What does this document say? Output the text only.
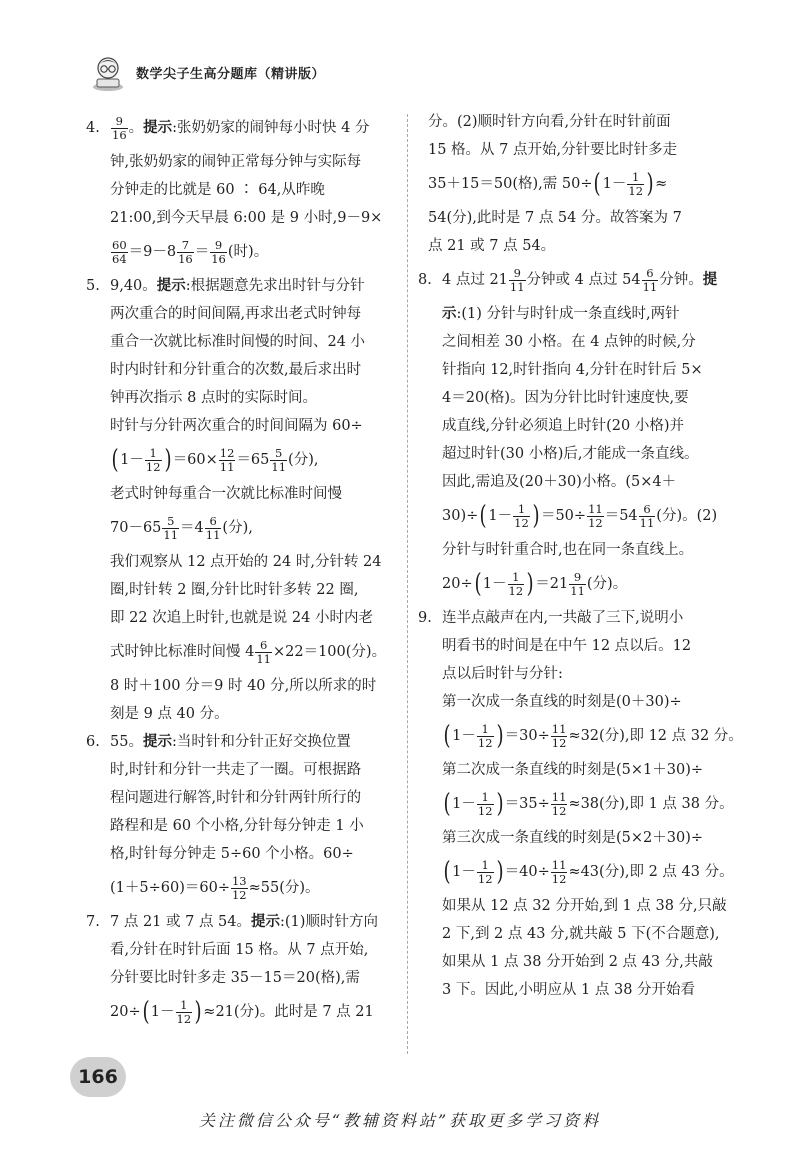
数学尖子生高分题库（精讲版）
4. $\frac{9}{16}$ 。提示:张奶奶家的闹钟每小时快 4 分
钟,张奶奶家的闹钟正常每分钟与实际每
分钟走的比就是 60 ∶ 64,从昨晚
21:00,到今天早晨 6:00 是 9 小时,9－9×
$\frac{60}{64} =9-8 \frac{7}{16} = \frac{9}{16}$ (时)。
5. 9,40。提示:根据题意先求出时针与分针
两次重合的时间间隔,再求出老式时钟每
重合一次就比标准时间慢的时间、24 小
时内时针和分针重合的次数,最后求出时
钟再次指示 8 点时的实际时间。
时针与分针两次重合的时间间隔为 60÷
( $1- \frac{1}{12}$ ) $=60\times \frac{12}{11} =65 \frac{5}{11}$ (分),
老式时钟每重合一次就比标准时间慢
$70-65 \frac{5}{11} =4 \frac{6}{11}$ (分),
我们观察从 12 点开始的 24 时,分针转 24
圈,时针转 2 圈,分针比时针多转 22 圈,
即 22 次追上时针,也就是说 24 小时内老
式时钟比标准时间慢 $4 \frac{6}{11} \times 22=100$(分)。
8 时＋100 分＝9 时 40 分,所以所求的时
刻是 9 点 40 分。
6. 55。提示:当时针和分针正好交换位置
时,时针和分针一共走了一圈。可根据路
程问题进行解答,时针和分针两针所行的
路程和是 60 个小格,分针每分钟走 1 小
格,时针每分钟走 5÷60 个小格。60÷
$(1+5\div 60)=60\div \frac{13}{12} \approx 55$(分)。
7. 7 点 21 或 7 点 54。提示:(1)顺时针方向
看,分针在时针后面 15 格。从 7 点开始,
分针要比时针多走 35－15＝20(格),需
20÷( $1- \frac{1}{12}$ ) ≈21(分)。此时是 7 点 21
分。(2)顺时针方向看,分针在时针前面
15 格。从 7 点开始,分针要比时针多走
35＋15＝50(格),需 50÷( $1- \frac{1}{12}$ ) ≈
54(分),此时是 7 点 54 分。故答案为 7
点 21 或 7 点 54。
8. 4 点过 $21 \frac{9}{11}$ 分钟或 4 点过 $54 \frac{6}{11}$ 分钟。提
示:(1) 分针与时针成一条直线时,两针
之间相差 30 小格。在 4 点钟的时候,分
针指向 12,时针指向 4,分针在时针后 5×
4＝20(格)。因为分针比时针速度快,要
成直线,分针必须追上时针(20 小格)并
超过时针(30 小格)后,才能成一条直线。
因此,需追及(20＋30)小格。(5×4＋
30)÷( $1- \frac{1}{12}$ ) $=50\div \frac{11}{12} =54 \frac{6}{11}$ (分)。(2)
分针与时针重合时,也在同一条直线上。
20÷( $1- \frac{1}{12}$ ) $=21 \frac{9}{11}$ (分)。
9. 连半点敲声在内,一共敲了三下,说明小
明看书的时间是在中午 12 点以后。12
点以后时针与分针:
第一次成一条直线的时刻是(0＋30)÷
( $1- \frac{1}{12}$ ) $=30\div \frac{11}{12} \approx 32$(分),即 12 点 32 分。
第二次成一条直线的时刻是(5×1＋30)÷
( $1- \frac{1}{12}$ ) $=35\div \frac{11}{12} \approx 38$(分),即 1 点 38 分。
第三次成一条直线的时刻是(5×2＋30)÷
( $1- \frac{1}{12}$ ) $=40\div \frac{11}{12} \approx 43$(分),即 2 点 43 分。
如果从 12 点 32 分开始,到 1 点 38 分,只敲
2 下,到 2 点 43 分,就共敲 5 下(不合题意),
如果从 1 点 38 分开始到 2 点 43 分,共敲
3 下。因此,小明应从 1 点 38 分开始看
166
关注微信公众号“教辅资料站”获取更多学习资料
